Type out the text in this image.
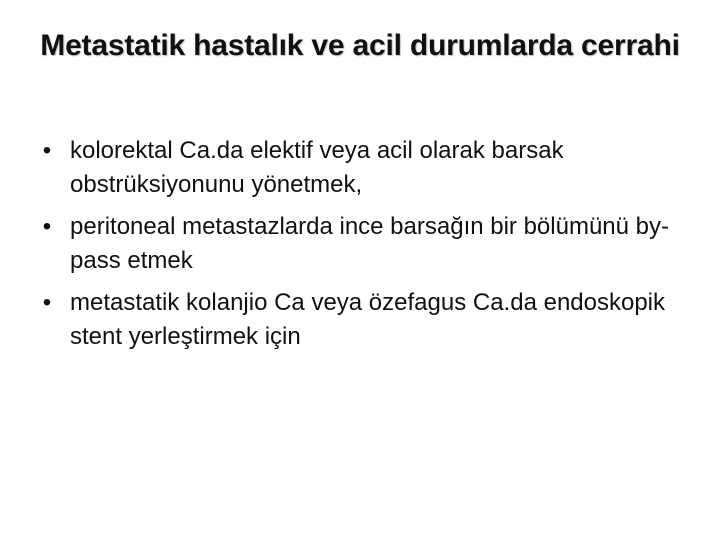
Metastatik hastalık ve acil durumlarda cerrahi
• kolorektal Ca.da elektif veya acil olarak barsak obstrüksiyonunu yönetmek,
• peritoneal metastazlarda ince barsağın bir bölümünü by-pass etmek
• metastatik kolanjio Ca veya özefagus Ca.da endoskopik stent yerleştirmek için
